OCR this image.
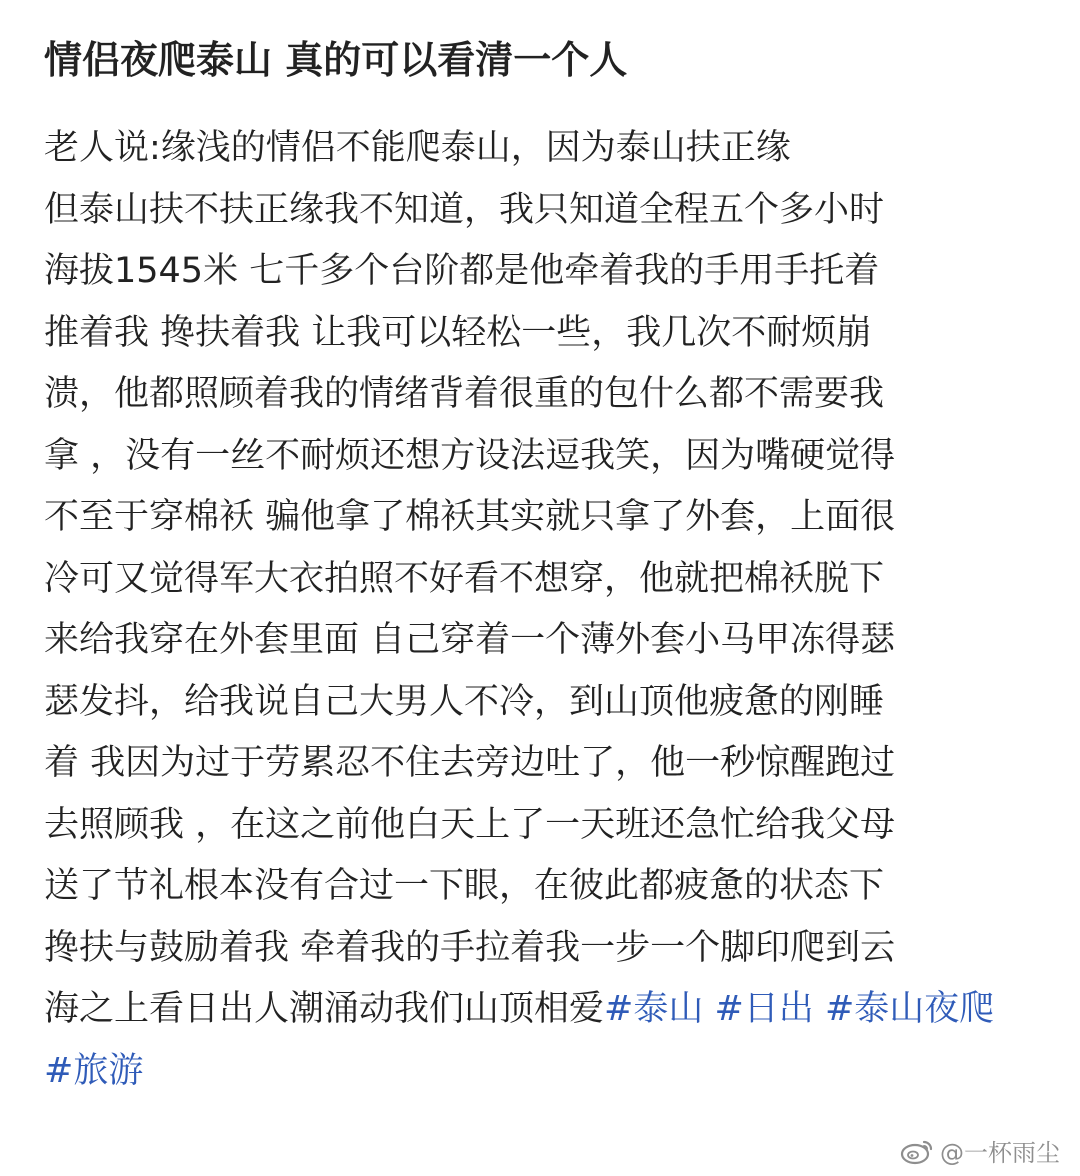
情侣夜爬泰山 真的可以看清一个人
老人说:缘浅的情侣不能爬泰山，因为泰山扶正缘
但泰山扶不扶正缘我不知道，我只知道全程五个多小时
海拔1545米 七千多个台阶都是他牵着我的手用手托着
推着我 搀扶着我 让我可以轻松一些，我几次不耐烦崩
溃，他都照顾着我的情绪背着很重的包什么都不需要我
拿 ，没有一丝不耐烦还想方设法逗我笑，因为嘴硬觉得
不至于穿棉袄 骗他拿了棉袄其实就只拿了外套，上面很
冷可又觉得军大衣拍照不好看不想穿，他就把棉袄脱下
来给我穿在外套里面 自己穿着一个薄外套小马甲冻得瑟
瑟发抖，给我说自己大男人不冷，到山顶他疲惫的刚睡
着 我因为过于劳累忍不住去旁边吐了，他一秒惊醒跑过
去照顾我 ，在这之前他白天上了一天班还急忙给我父母
送了节礼根本没有合过一下眼，在彼此都疲惫的状态下
搀扶与鼓励着我 牵着我的手拉着我一步一个脚印爬到云
海之上看日出人潮涌动我们山顶相爱#泰山 #日出 #泰山夜爬
#旅游
@一杯雨尘
